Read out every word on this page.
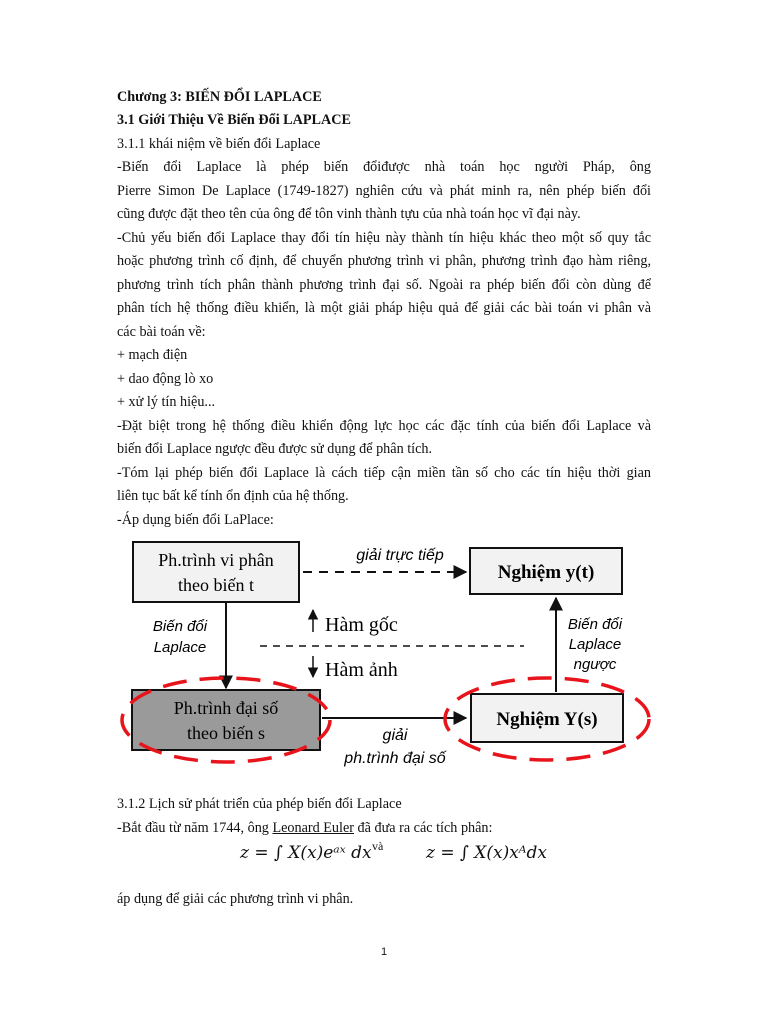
Chương 3: BIẾN ĐỔI LAPLACE
3.1 Giới Thiệu Về Biến Đổi LAPLACE
3.1.1 khái niệm về biến đổi Laplace
-Biến đổi Laplace là phép biến đổiđược nhà toán học người Pháp, ông
Pierre Simon De Laplace (1749-1827) nghiên cứu và phát minh ra, nên phép biến đổi
cũng được đặt theo tên của ông để tôn vinh thành tựu của nhà toán học vĩ đại này.
-Chủ yếu biến đổi Laplace thay đổi tín hiệu này thành tín hiệu khác theo một số quy tắc
hoặc phương trình cố định, để chuyển phương trình vi phân, phương trình đạo hàm riêng,
phương trình tích phân thành phương trình đại số. Ngoài ra phép biến đổi còn dùng để
phân tích hệ thống điều khiển, là một giải pháp hiệu quả để giải các bài toán vi phân và
các bài toán về:
+ mạch điện
+ dao động lò xo
+ xử lý tín hiệu...
-Đặt biệt trong hệ thống điều khiển động lực học các đặc tính của biến đổi Laplace và
biến đổi Laplace ngược đều được sử dụng để phân tích.
-Tóm lại phép biến đổi Laplace là cách tiếp cận miền tần số cho các tín hiệu thời gian
liên tục bất kể tính ổn định của hệ thống.
-Áp dụng biến đổi LaPlace:
Ph.trình vi phân
theo biến t
Nghiệm y(t)
giải trực tiếp
Biến đổi
Laplace
Biến đổi
Laplace
ngược
Hàm gốc
Hàm ảnh
Ph.trình đại số
theo biến s
Nghiệm Y(s)
giải
ph.trình đại số
3.1.2 Lịch sử phát triển của phép biến đổi Laplace
-Bắt đầu từ năm 1744, ông Leonard Euler đã đưa ra các tích phân:
z = ∫ X(x)eᵃˣ dx và	z = ∫ X(x)xᴬdx
áp dụng để giải các phương trình vi phân.
1
